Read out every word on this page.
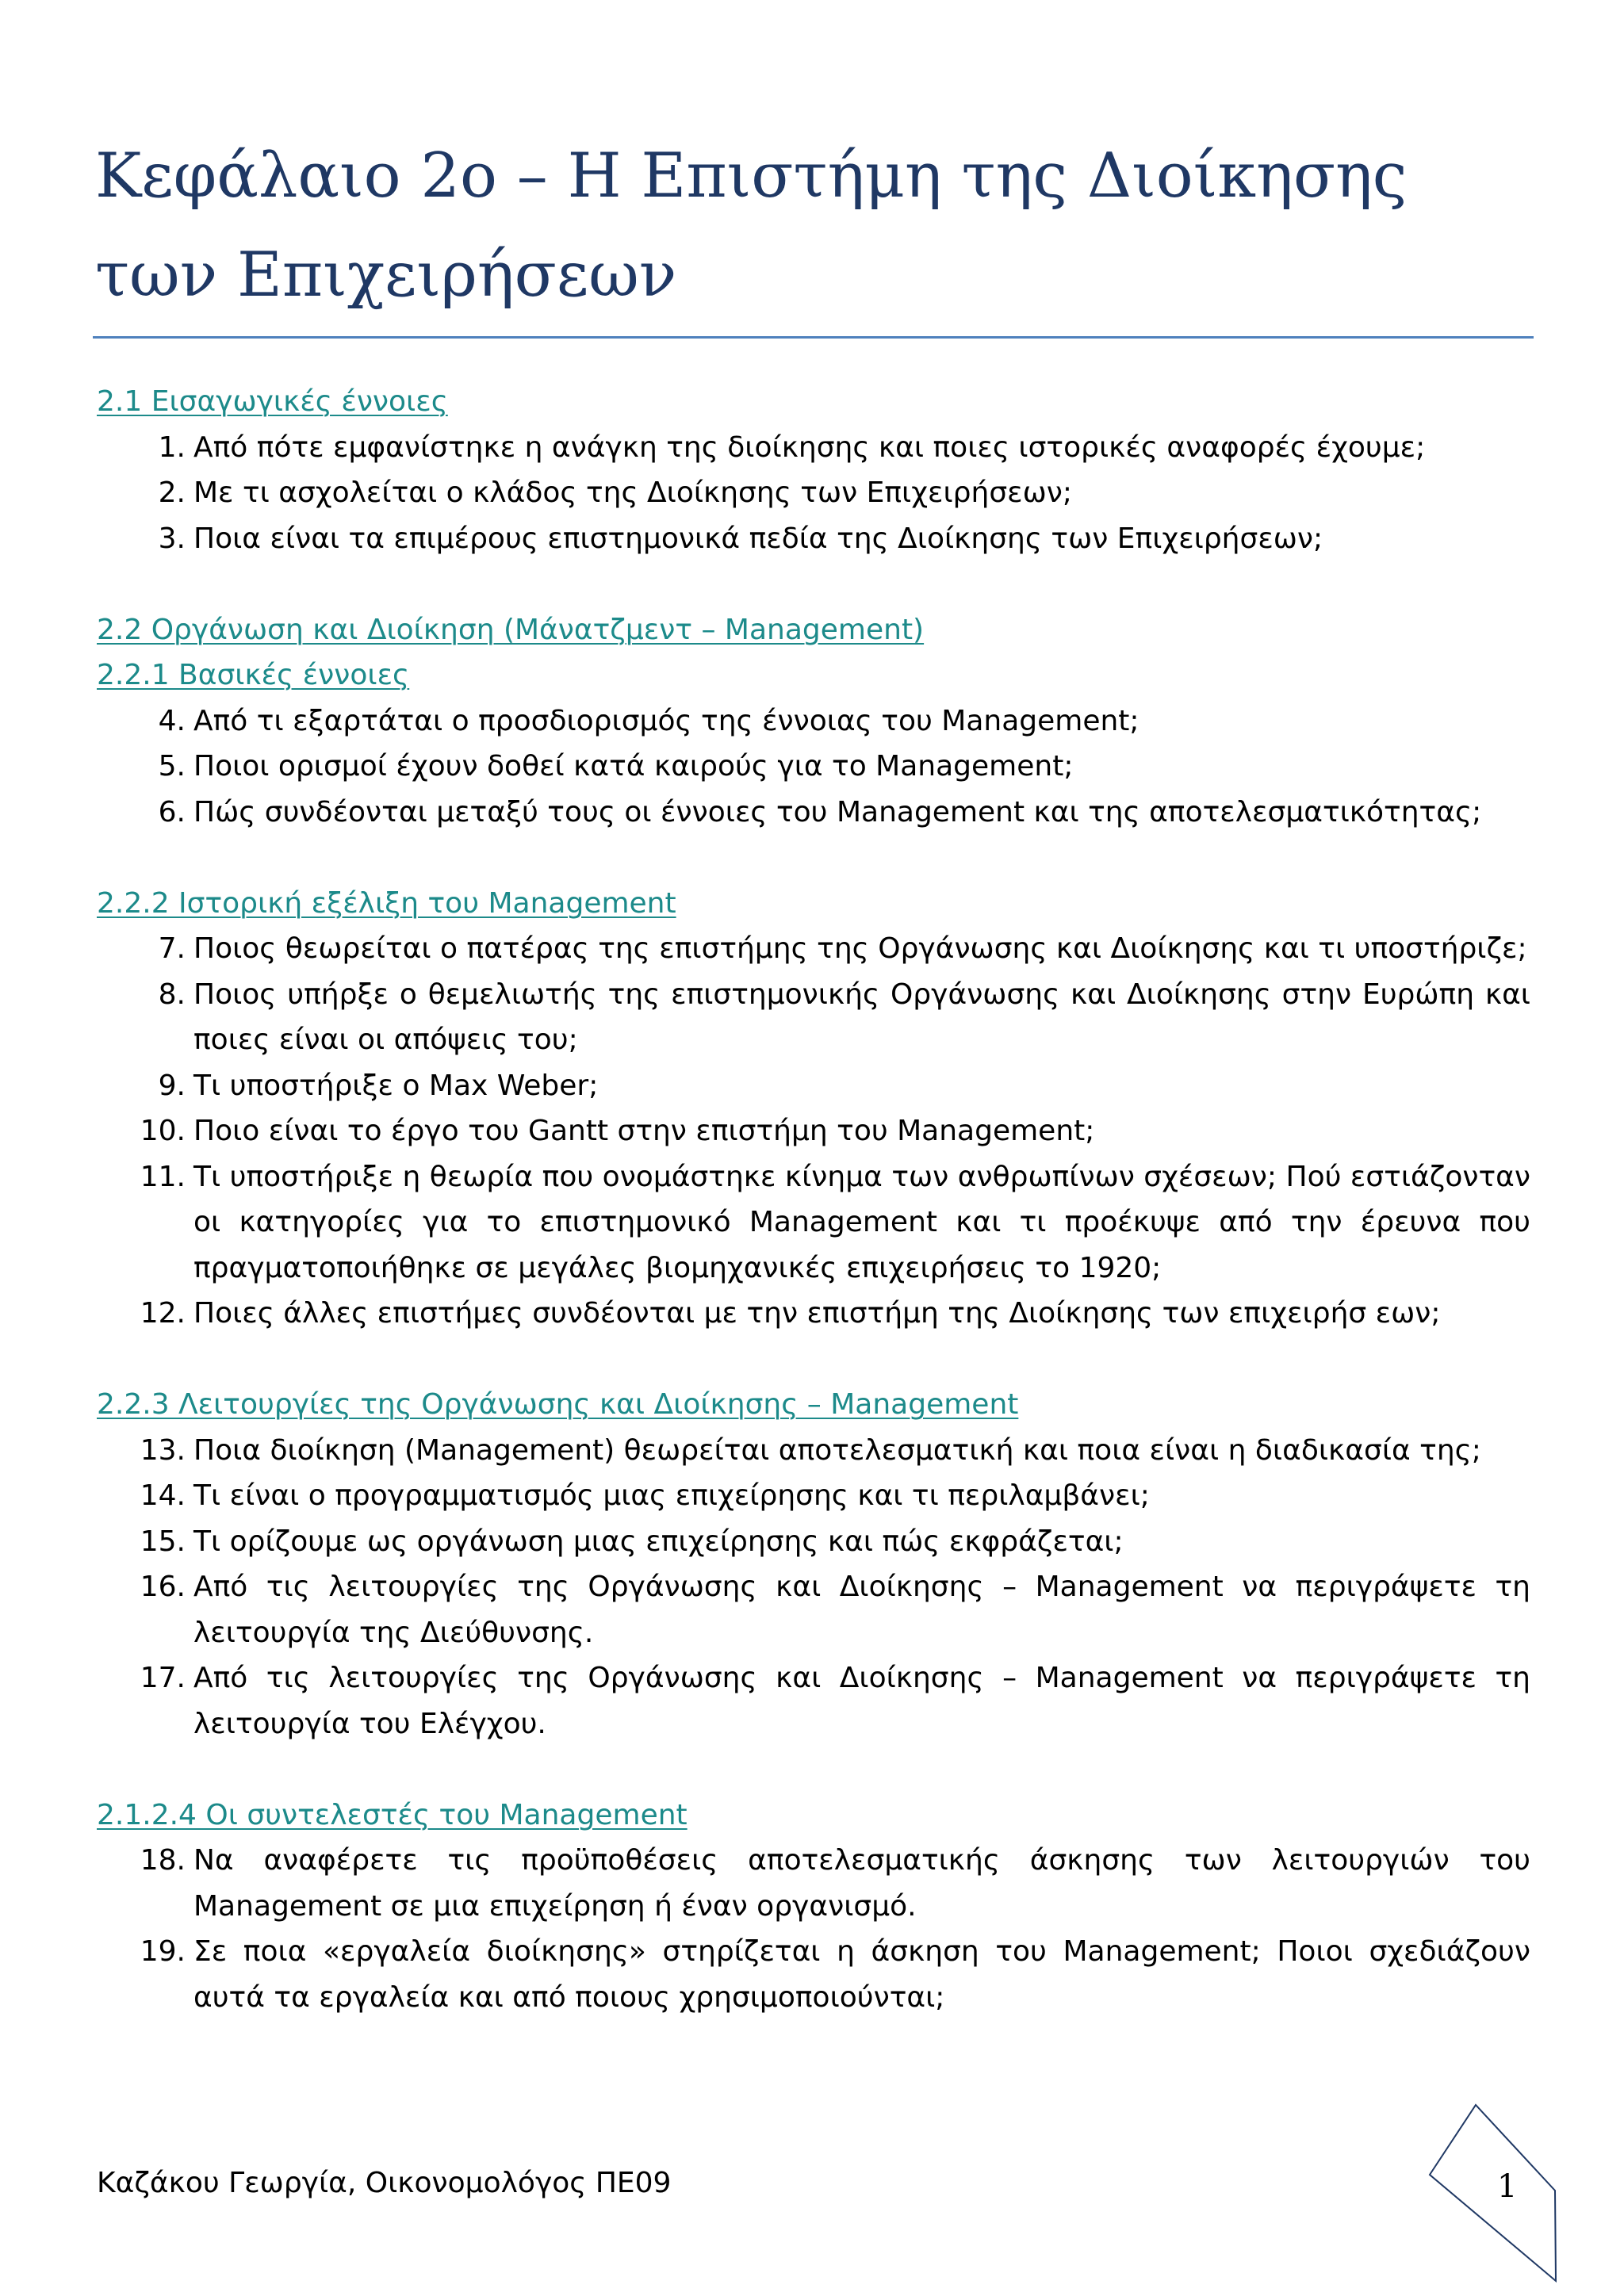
Κεφάλαιο 2ο – Η Επιστήμη της Διοίκησης των Επιχειρήσεων
2.1 Εισαγωγικές έννοιες
1. Από πότε εμφανίστηκε η ανάγκη της διοίκησης και ποιες ιστορικές αναφορές έχουμε;
2. Με τι ασχολείται ο κλάδος της Διοίκησης των Επιχειρήσεων;
3. Ποια είναι τα επιμέρους επιστημονικά πεδία της Διοίκησης των Επιχειρήσεων;
2.2 Οργάνωση και Διοίκηση (Μάνατζμεντ – Management)
2.2.1 Βασικές έννοιες
4. Από τι εξαρτάται ο προσδιορισμός της έννοιας του Management;
5. Ποιοι ορισμοί έχουν δοθεί κατά καιρούς για το Management;
6. Πώς συνδέονται μεταξύ τους οι έννοιες του Management και της αποτελεσματικότητας;
2.2.2 Ιστορική εξέλιξη του Management
7. Ποιος θεωρείται ο πατέρας της επιστήμης της Οργάνωσης και Διοίκησης και τι υποστήριζε;
8. Ποιος υπήρξε ο θεμελιωτής της επιστημονικής Οργάνωσης και Διοίκησης στην Ευρώπη και ποιες είναι οι απόψεις του;
9. Τι υποστήριξε ο Max Weber;
10. Ποιο είναι το έργο του Gantt στην επιστήμη του Management;
11. Τι υποστήριξε η θεωρία που ονομάστηκε κίνημα των ανθρωπίνων σχέσεων; Πού εστιάζονταν οι κατηγορίες για το επιστημονικό Management και τι προέκυψε από την έρευνα που πραγματοποιήθηκε σε μεγάλες βιομηχανικές επιχειρήσεις το 1920;
12. Ποιες άλλες επιστήμες συνδέονται με την επιστήμη της Διοίκησης των επιχειρήσ εων;
2.2.3 Λειτουργίες της Οργάνωσης και Διοίκησης – Management
13. Ποια διοίκηση (Management) θεωρείται αποτελεσματική και ποια είναι η διαδικασία της;
14. Τι είναι ο προγραμματισμός μιας επιχείρησης και τι περιλαμβάνει;
15. Τι ορίζουμε ως οργάνωση μιας επιχείρησης και πώς εκφράζεται;
16. Από τις λειτουργίες της Οργάνωσης και Διοίκησης – Management να περιγράψετε τη λειτουργία της Διεύθυνσης.
17. Από τις λειτουργίες της Οργάνωσης και Διοίκησης – Management να περιγράψετε τη λειτουργία του Ελέγχου.
2.1.2.4 Οι συντελεστές του Management
18. Να αναφέρετε τις προϋποθέσεις αποτελεσματικής άσκησης των λειτουργιών του Management σε μια επιχείρηση ή έναν οργανισμό.
19. Σε ποια «εργαλεία διοίκησης» στηρίζεται η άσκηση του Management; Ποιοι σχεδιάζουν αυτά τα εργαλεία και από ποιους χρησιμοποιούνται;
Καζάκου Γεωργία, Οικονομολόγος ΠΕ09	1
